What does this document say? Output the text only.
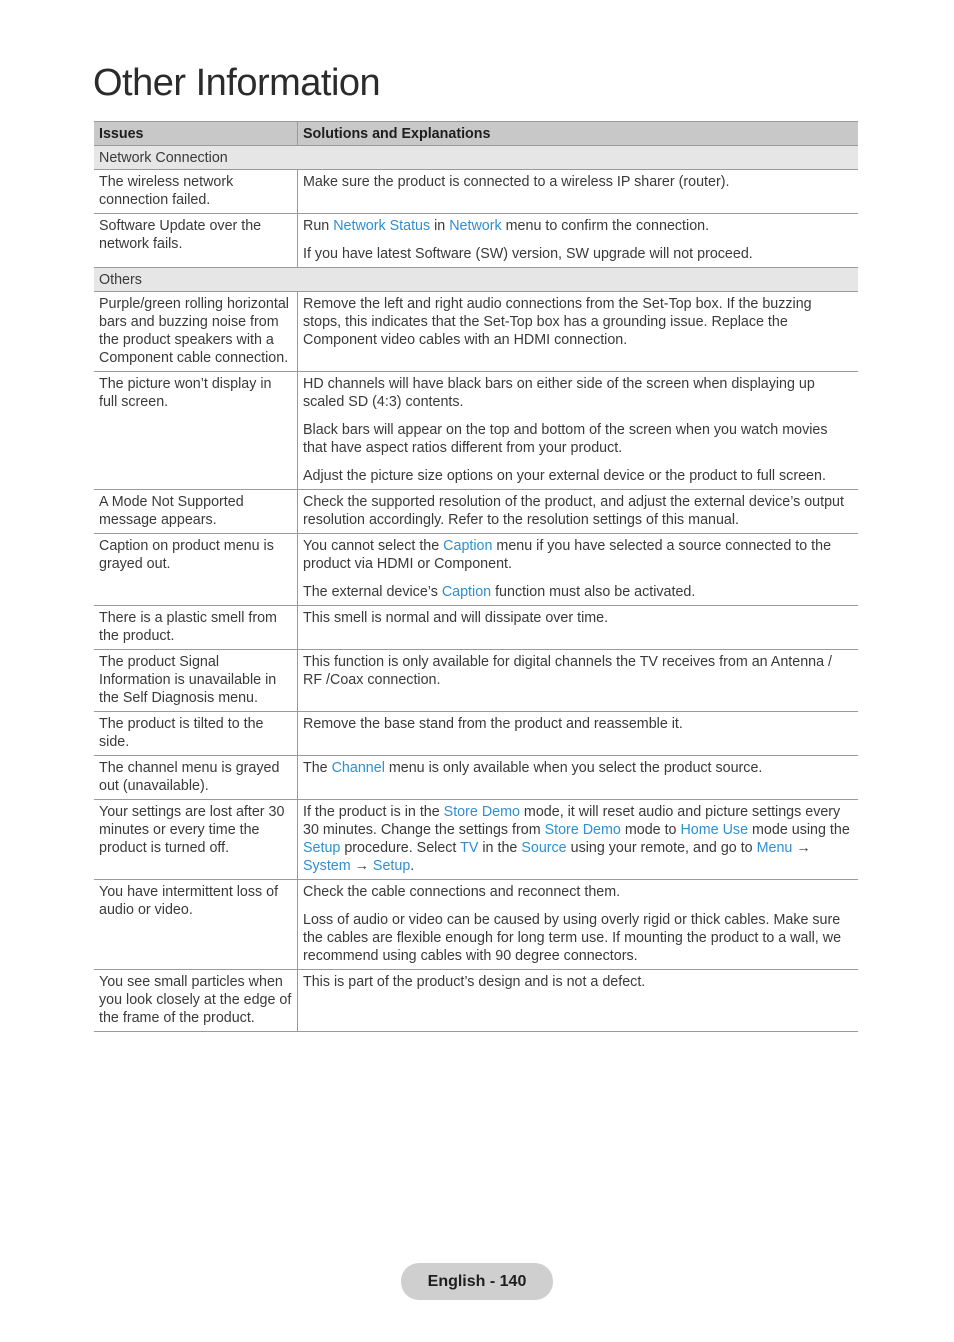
Other Information
Issues	Solutions and Explanations
Network Connection	
The wireless network connection failed.	Make sure the product is connected to a wireless IP sharer (router).

Software Update over the network fails.	Run Network Status in Network menu to confirm the connection.

If you have latest Software (SW) version, SW upgrade will not proceed.

Others	
Purple/green rolling horizontal bars and buzzing noise from the product speakers with a Component cable connection.	Remove the left and right audio connections from the Set-Top box. If the buzzing stops, this indicates that the Set-Top box has a grounding issue. Replace the Component video cables with an HDMI connection.

The picture won’t display in full screen.	HD channels will have black bars on either side of the screen when displaying up scaled SD (4:3) contents.

Black bars will appear on the top and bottom of the screen when you watch movies that have aspect ratios different from your product.

Adjust the picture size options on your external device or the product to full screen.

A Mode Not Supported message appears.	Check the supported resolution of the product, and adjust the external device’s output resolution accordingly. Refer to the resolution settings of this manual.

Caption on product menu is grayed out.	You cannot select the Caption menu if you have selected a source connected to the product via HDMI or Component.

The external device’s Caption function must also be activated.

There is a plastic smell from the product.	This smell is normal and will dissipate over time.

The product Signal Information is unavailable in the Self Diagnosis menu.	This function is only available for digital channels the TV receives from an Antenna / RF /Coax connection.

The product is tilted to the side.	Remove the base stand from the product and reassemble it.

The channel menu is grayed out (unavailable).	The Channel menu is only available when you select the product source.

Your settings are lost after 30 minutes or every time the product is turned off.	If the product is in the Store Demo mode, it will reset audio and picture settings every 30 minutes. Change the settings from Store Demo mode to Home Use mode using the Setup procedure. Select TV in the Source using your remote, and go to Menu → System → Setup.

You have intermittent loss of audio or video.	Check the cable connections and reconnect them.

Loss of audio or video can be caused by using overly rigid or thick cables. Make sure the cables are flexible enough for long term use. If mounting the product to a wall, we recommend using cables with 90 degree connectors.

You see small particles when you look closely at the edge of the frame of the product.	This is part of the product’s design and is not a defect.

English - 140
